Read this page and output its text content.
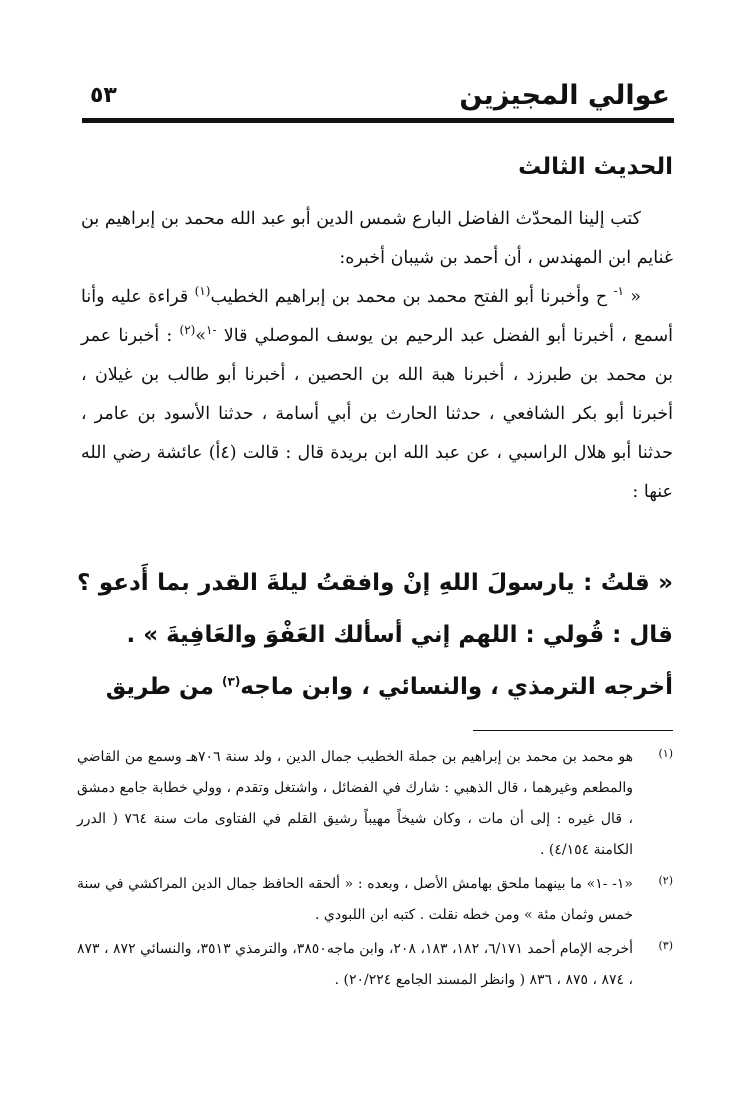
عوالي المجيزين
٥٣
الحديث الثالث

كتب إلينا المحدّث الفاضل البارع شمس الدين أبو عبد الله محمد بن إبراهيم بن غنايم ابن المهندس ، أن أحمد بن شيبان أخبره:

« $^{١-}$ ح وأخبرنا أبو الفتح محمد بن محمد بن إبراهيم الخطيب$^{(١)}$ قراءة عليه وأنا أسمع ، أخبرنا أبو الفضل عبد الرحيم بن يوسف الموصلي قالا $^{-١}$»$^{(٢)}$ : أخبرنا عمر بن محمد بن طبرزد ، أخبرنا هبة الله بن الحصين ، أخبرنا أبو طالب بن غيلان ، أخبرنا أبو بكر الشافعي ، حدثنا الحارث بن أبي أسامة ، حدثنا الأسود بن عامر ، حدثنا أبو هلال الراسبي ، عن عبد الله ابن بريدة قال : قالت (٤أ) عائشة رضي الله عنها :

« قلتُ : يارسولَ اللهِ إنْ وافقتُ ليلةَ القدر بما أَدعو ؟ قال : قُولي : اللهم إني أسألك العَفْوَ والعَافِيةَ » .

أخرجه الترمذي ، والنسائي ، وابن ماجه$^{(٣)}$ من طريق

(١)
هو محمد بن محمد بن إبراهيم بن جملة الخطيب جمال الدين ، ولد سنة ٧٠٦هـ وسمع من القاضي والمطعم وغيرهما ، قال الذهبي : شارك في الفضائل ، واشتغل وتقدم ، وولي خطابة جامع دمشق ، قال غيره : إلى أن مات ، وكان شيخاً مهيباً رشيق القلم في الفتاوى مات سنة ٧٦٤ ( الدرر الكامنة ٤/١٥٤) .
(٢)
«١- -١» ما بينهما ملحق بهامش الأصل ، وبعده : « ألحقه الحافظ جمال الدين المراكشي في سنة خمس وثمان مئة » ومن خطه نقلت . كتبه ابن اللبودي .
(٣)
أخرجه الإمام أحمد ٦/١٧١، ١٨٢، ١٨٣، ٢٠٨، وابن ماجه٣٨٥٠، والترمذي ٣٥١٣، والنسائي ٨٧٢ ، ٨٧٣ ، ٨٧٤ ، ٨٧٥ ، ٨٣٦ ( وانظر المسند الجامع ٢٠/٢٢٤) .
